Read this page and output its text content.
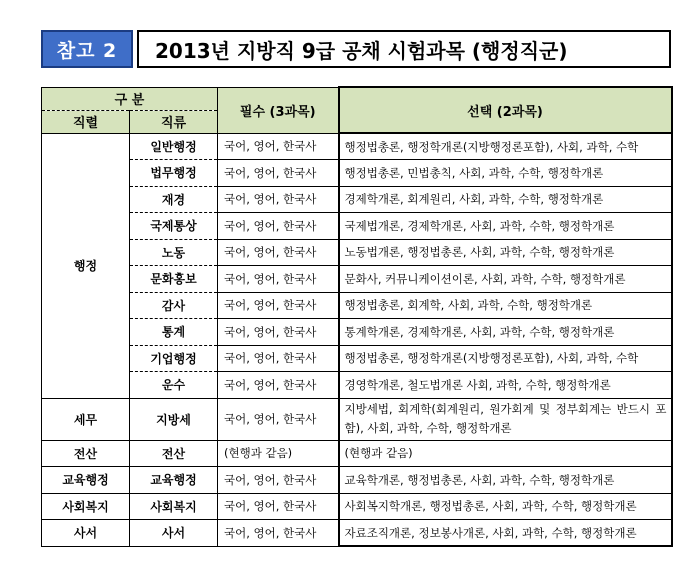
참고 2	2013년 지방직 9급 공채 시험과목 (행정직군)
구 분		필수 (3과목)	선택 (2과목)
직렬	직류		
행정	일반행정	국어, 영어, 한국사	행정법총론, 행정학개론(지방행정론포함), 사회, 과학, 수학
	법무행정	국어, 영어, 한국사	행정법총론, 민법총칙, 사회, 과학, 수학, 행정학개론
	재경	국어, 영어, 한국사	경제학개론, 회계원리, 사회, 과학, 수학, 행정학개론
	국제통상	국어, 영어, 한국사	국제법개론, 경제학개론, 사회, 과학, 수학, 행정학개론
	노동	국어, 영어, 한국사	노동법개론, 행정법총론, 사회, 과학, 수학, 행정학개론
	문화홍보	국어, 영어, 한국사	문화사, 커뮤니케이션이론, 사회, 과학, 수학, 행정학개론
	감사	국어, 영어, 한국사	행정법총론, 회계학, 사회, 과학, 수학, 행정학개론
	통계	국어, 영어, 한국사	통계학개론, 경제학개론, 사회, 과학, 수학, 행정학개론
	기업행정	국어, 영어, 한국사	행정법총론, 행정학개론(지방행정론포함), 사회, 과학, 수학
	운수	국어, 영어, 한국사	경영학개론, 철도법개론 사회, 과학, 수학, 행정학개론
세무	지방세	국어, 영어, 한국사	지방세법, 회계학(회계원리, 원가회계 및 정부회계는 반드시 포함), 사회, 과학, 수학, 행정학개론
전산	전산	(현행과 같음)	(현행과 같음)
교육행정	교육행정	국어, 영어, 한국사	교육학개론, 행정법총론, 사회, 과학, 수학, 행정학개론
사회복지	사회복지	국어, 영어, 한국사	사회복지학개론, 행정법총론, 사회, 과학, 수학, 행정학개론
사서	사서	국어, 영어, 한국사	자료조직개론, 정보봉사개론, 사회, 과학, 수학, 행정학개론
